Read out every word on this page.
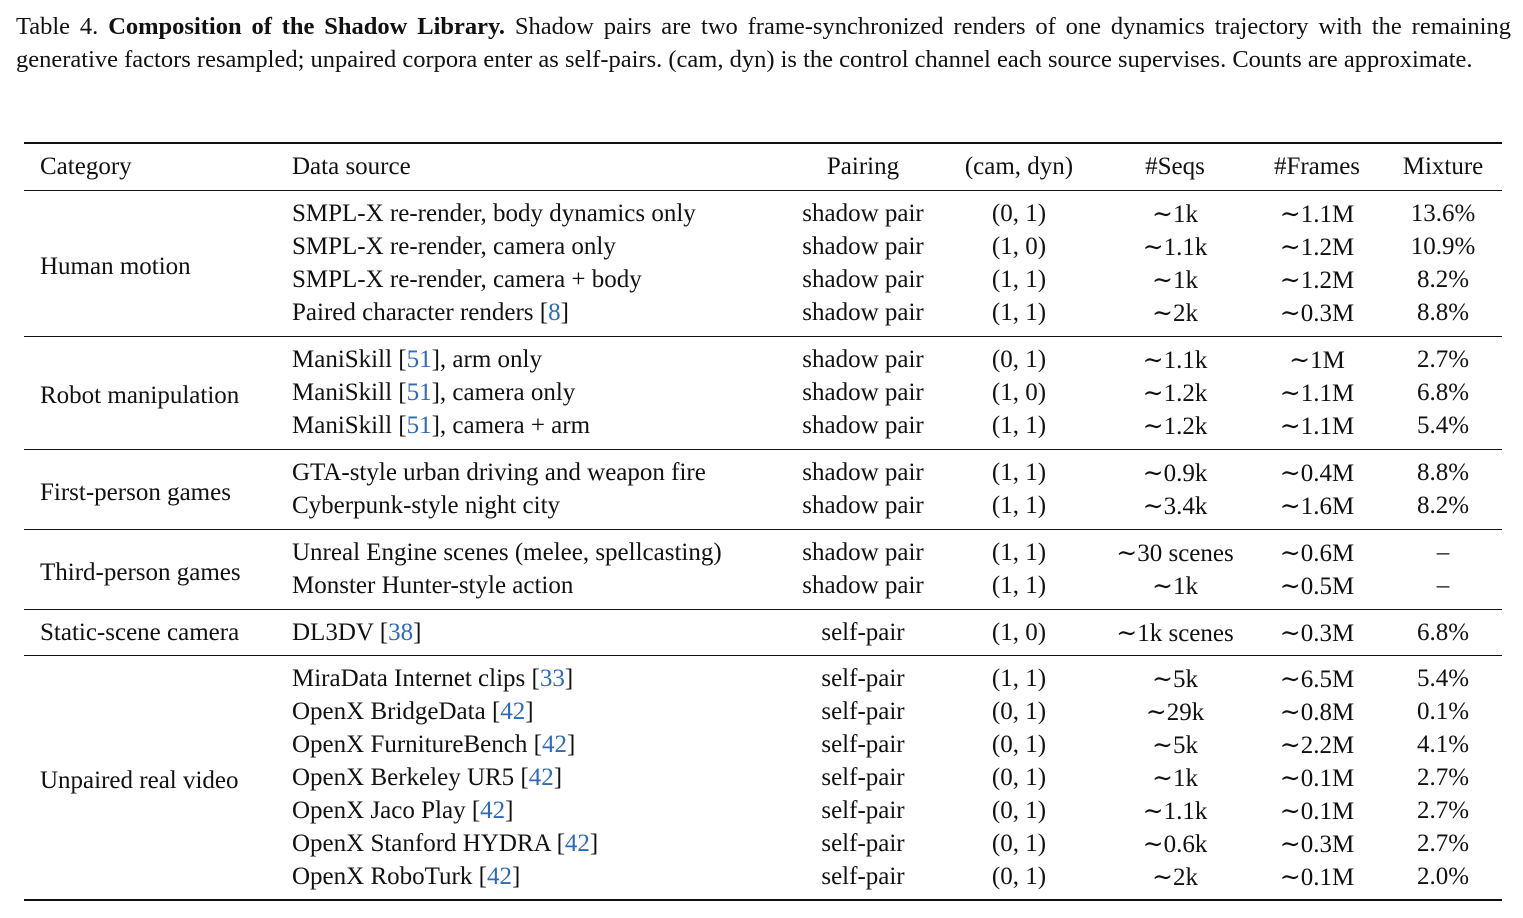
Table 4. Composition of the Shadow Library. Shadow pairs are two frame-synchronized renders of one dynamics trajectory with the remaining generative factors resampled; unpaired corpora enter as self-pairs. (cam, dyn) is the control channel each source supervises. Counts are approximate.
Category	Data source	Pairing	(cam, dyn)	#Seqs	#Frames	Mixture
Human motion	SMPL-X re-render, body dynamics only	shadow pair	(0, 1)	∼1k	∼1.1M	13.6%
	SMPL-X re-render, camera only	shadow pair	(1, 0)	∼1.1k	∼1.2M	10.9%
	SMPL-X re-render, camera + body	shadow pair	(1, 1)	∼1k	∼1.2M	8.2%
	Paired character renders [8]	shadow pair	(1, 1)	∼2k	∼0.3M	8.8%
Robot manipulation	ManiSkill [51], arm only	shadow pair	(0, 1)	∼1.1k	∼1M	2.7%
	ManiSkill [51], camera only	shadow pair	(1, 0)	∼1.2k	∼1.1M	6.8%
	ManiSkill [51], camera + arm	shadow pair	(1, 1)	∼1.2k	∼1.1M	5.4%
First-person games	GTA-style urban driving and weapon fire	shadow pair	(1, 1)	∼0.9k	∼0.4M	8.8%
	Cyberpunk-style night city	shadow pair	(1, 1)	∼3.4k	∼1.6M	8.2%
Third-person games	Unreal Engine scenes (melee, spellcasting)	shadow pair	(1, 1)	∼30 scenes	∼0.6M	–
	Monster Hunter-style action	shadow pair	(1, 1)	∼1k	∼0.5M	–
Static-scene camera	DL3DV [38]	self-pair	(1, 0)	∼1k scenes	∼0.3M	6.8%
Unpaired real video	MiraData Internet clips [33]	self-pair	(1, 1)	∼5k	∼6.5M	5.4%
	OpenX BridgeData [42]	self-pair	(0, 1)	∼29k	∼0.8M	0.1%
	OpenX FurnitureBench [42]	self-pair	(0, 1)	∼5k	∼2.2M	4.1%
	OpenX Berkeley UR5 [42]	self-pair	(0, 1)	∼1k	∼0.1M	2.7%
	OpenX Jaco Play [42]	self-pair	(0, 1)	∼1.1k	∼0.1M	2.7%
	OpenX Stanford HYDRA [42]	self-pair	(0, 1)	∼0.6k	∼0.3M	2.7%
	OpenX RoboTurk [42]	self-pair	(0, 1)	∼2k	∼0.1M	2.0%
